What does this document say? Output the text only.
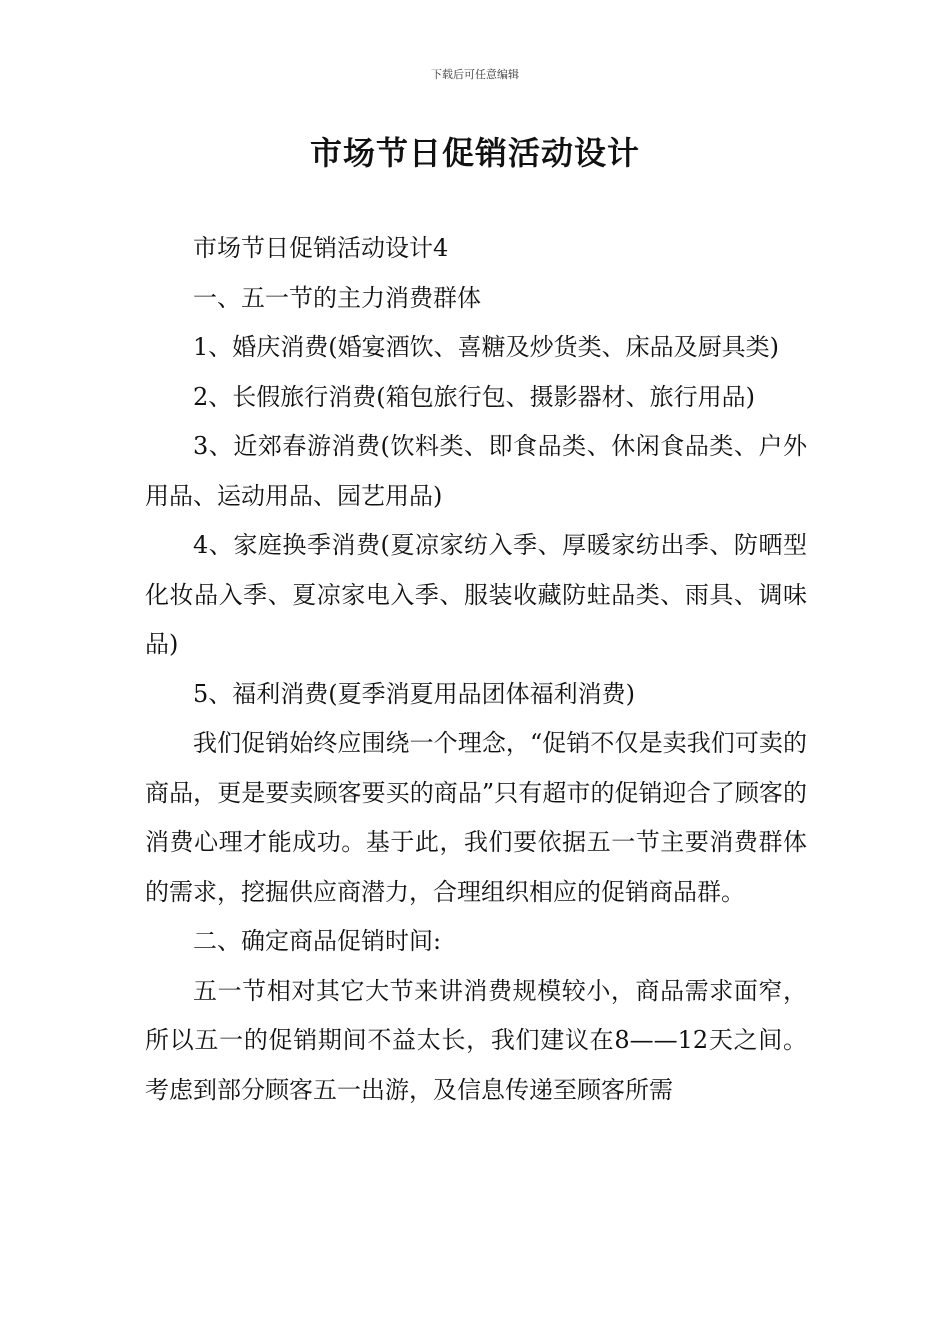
下载后可任意编辑
市场节日促销活动设计

市场节日促销活动设计4

一、五一节的主力消费群体

1、婚庆消费(婚宴酒饮、喜糖及炒货类、床品及厨具类)

2、长假旅行消费(箱包旅行包、摄影器材、旅行用品)

3、近郊春游消费(饮料类、即食品类、休闲食品类、户外用品、运动用品、园艺用品)

4、家庭换季消费(夏凉家纺入季、厚暖家纺出季、防晒型化妆品入季、夏凉家电入季、服装收藏防蛀品类、雨具、调味品)

5、福利消费(夏季消夏用品团体福利消费)

我们促销始终应围绕一个理念，“促销不仅是卖我们可卖的商品，更是要卖顾客要买的商品”只有超市的促销迎合了顾客的消费心理才能成功。基于此，我们要依据五一节主要消费群体的需求，挖掘供应商潜力，合理组织相应的促销商品群。

二、确定商品促销时间:

五一节相对其它大节来讲消费规模较小，商品需求面窄，所以五一的促销期间不益太长，我们建议在8——12天之间。考虑到部分顾客五一出游，及信息传递至顾客所需
